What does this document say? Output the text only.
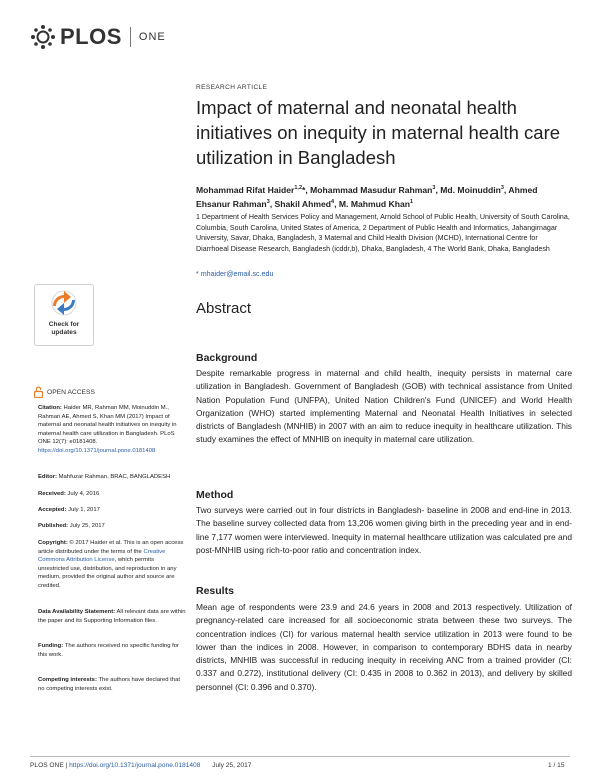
PLOS ONE
RESEARCH ARTICLE
Impact of maternal and neonatal health initiatives on inequity in maternal health care utilization in Bangladesh
Mohammad Rifat Haider$^{1,2}$*, Mohammad Masudur Rahman$^3$, Md. Moinuddin$^3$, Ahmed Ehsanur Rahman$^3$, Shakil Ahmed$^4$, M. Mahmud Khan$^1$
1 Department of Health Services Policy and Management, Arnold School of Public Health, University of South Carolina, Columbia, South Carolina, United States of America, 2 Department of Public Health and Informatics, Jahangirnagar University, Savar, Dhaka, Bangladesh, 3 Maternal and Child Health Division (MCHD), International Centre for Diarrhoeal Disease Research, Bangladesh (icddr,b), Dhaka, Bangladesh, 4 The World Bank, Dhaka, Bangladesh
* mhaider@email.sc.edu
Abstract
Background
Despite remarkable progress in maternal and child health, inequity persists in maternal care utilization in Bangladesh. Government of Bangladesh (GOB) with technical assistance from United Nation Population Fund (UNFPA), United Nation Children's Fund (UNICEF) and World Health Organization (WHO) started implementing Maternal and Neonatal Health Initiatives in selected districts of Bangladesh (MNHIB) in 2007 with an aim to reduce inequity in healthcare utilization. This study examines the effect of MNHIB on inequity in maternal care utilization.
Method
Two surveys were carried out in four districts in Bangladesh- baseline in 2008 and end-line in 2013. The baseline survey collected data from 13,206 women giving birth in the preceding year and in end-line 7,177 women were interviewed. Inequity in maternal healthcare utilization was calculated pre and post-MNHIB using rich-to-poor ratio and concentration index.
Results
Mean age of respondents were 23.9 and 24.6 years in 2008 and 2013 respectively. Utilization of pregnancy-related care increased for all socioeconomic strata between these two surveys. The concentration indices (CI) for various maternal health service utilization in 2013 were found to be lower than the indices in 2008. However, in comparison to contemporary BDHS data in nearby districts, MNHIB was successful in reducing inequity in receiving ANC from a trained provider (CI: 0.337 and 0.272), institutional delivery (CI: 0.435 in 2008 to 0.362 in 2013), and delivery by skilled personnel (CI: 0.396 and 0.370).
Check for
updates
OPEN ACCESS
Citation: Haider MR, Rahman MM, Moinuddin M., Rahman AE, Ahmed S, Khan MM (2017) Impact of maternal and neonatal health initiatives on inequity in maternal health care utilization in Bangladesh. PLoS ONE 12(7): e0181408. https://doi.org/10.1371/journal.pone.0181408
Editor: Mahfuzar Rahman, BRAC, BANGLADESH
Received: July 4, 2016
Accepted: July 1, 2017
Published: July 25, 2017
Copyright: © 2017 Haider et al. This is an open access article distributed under the terms of the Creative Commons Attribution License, which permits unrestricted use, distribution, and reproduction in any medium, provided the original author and source are credited.
Data Availability Statement: All relevant data are within the paper and its Supporting Information files.
Funding: The authors received no specific funding for this work.
Competing interests: The authors have declared that no competing interests exist.
PLOS ONE | https://doi.org/10.1371/journal.pone.0181408 July 25, 2017	1 / 15
